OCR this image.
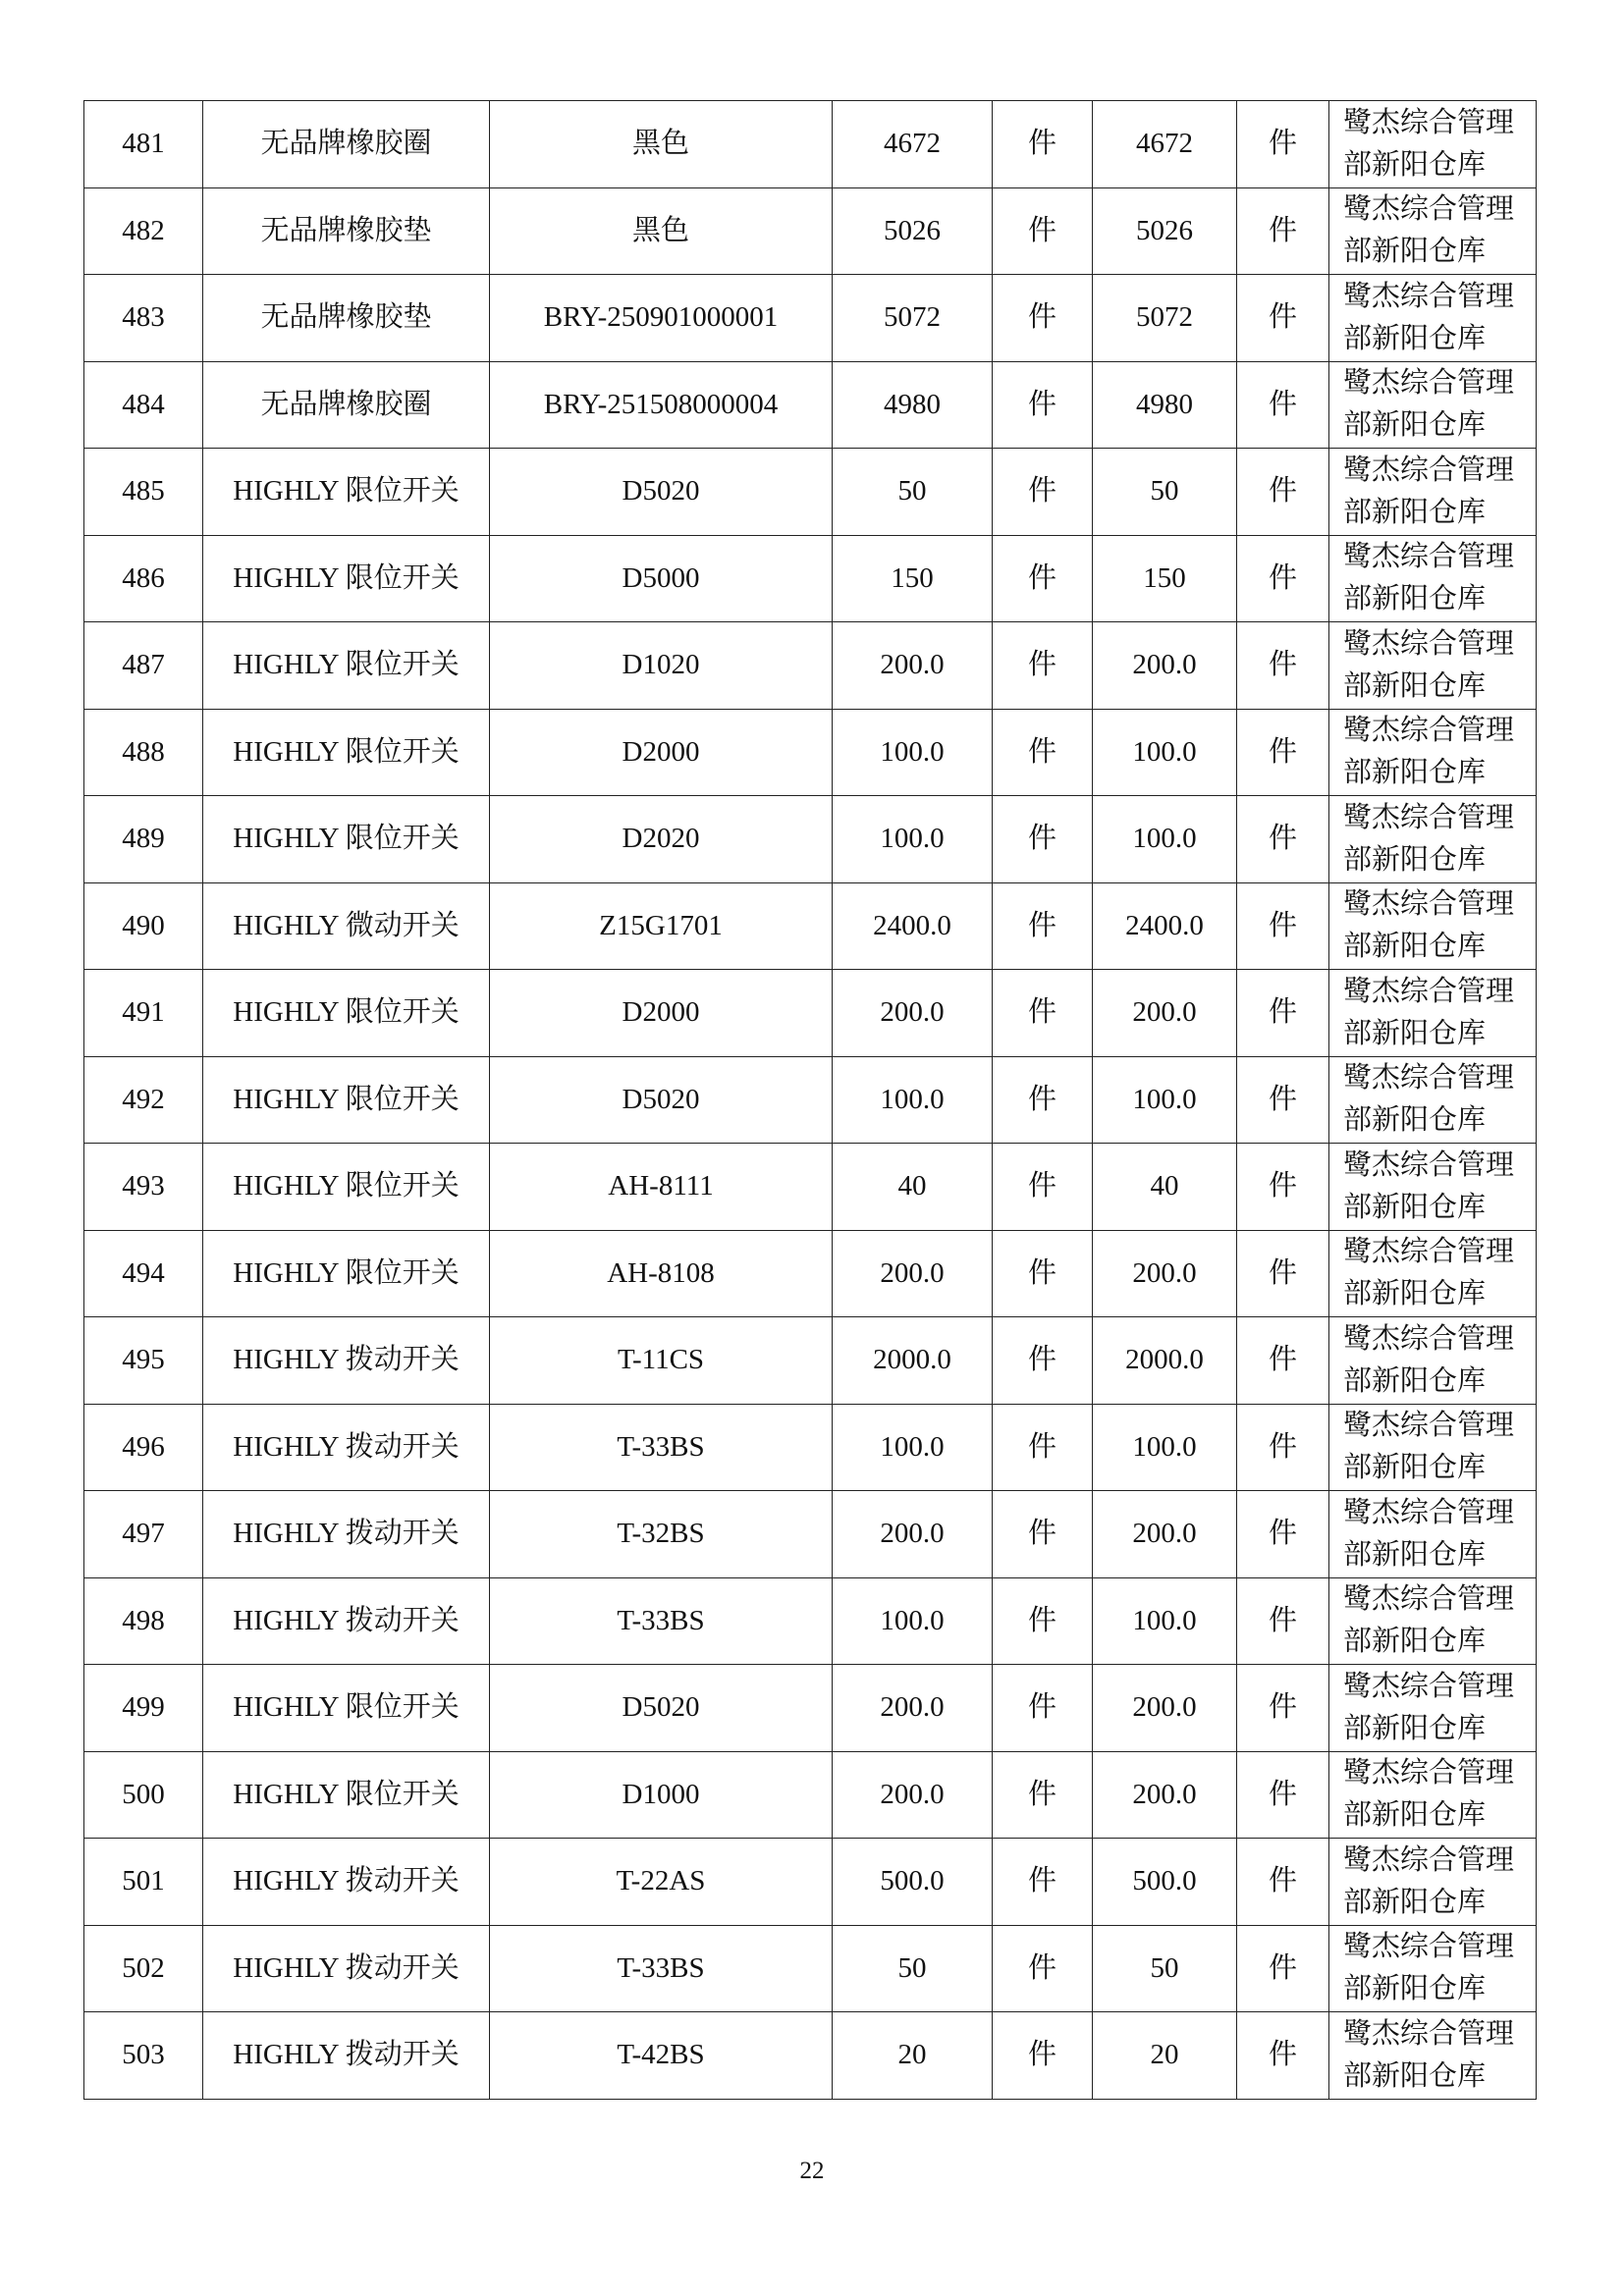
481	无品牌橡胶圈	黑色	4672	件	4672	件	鹭杰综合管理部新阳仓库
482	无品牌橡胶垫	黑色	5026	件	5026	件	鹭杰综合管理部新阳仓库
483	无品牌橡胶垫	BRY-250901000001	5072	件	5072	件	鹭杰综合管理部新阳仓库
484	无品牌橡胶圈	BRY-251508000004	4980	件	4980	件	鹭杰综合管理部新阳仓库
485	HIGHLY 限位开关	D5020	50	件	50	件	鹭杰综合管理部新阳仓库
486	HIGHLY 限位开关	D5000	150	件	150	件	鹭杰综合管理部新阳仓库
487	HIGHLY 限位开关	D1020	200.0	件	200.0	件	鹭杰综合管理部新阳仓库
488	HIGHLY 限位开关	D2000	100.0	件	100.0	件	鹭杰综合管理部新阳仓库
489	HIGHLY 限位开关	D2020	100.0	件	100.0	件	鹭杰综合管理部新阳仓库
490	HIGHLY 微动开关	Z15G1701	2400.0	件	2400.0	件	鹭杰综合管理部新阳仓库
491	HIGHLY 限位开关	D2000	200.0	件	200.0	件	鹭杰综合管理部新阳仓库
492	HIGHLY 限位开关	D5020	100.0	件	100.0	件	鹭杰综合管理部新阳仓库
493	HIGHLY 限位开关	AH-8111	40	件	40	件	鹭杰综合管理部新阳仓库
494	HIGHLY 限位开关	AH-8108	200.0	件	200.0	件	鹭杰综合管理部新阳仓库
495	HIGHLY 拨动开关	T-11CS	2000.0	件	2000.0	件	鹭杰综合管理部新阳仓库
496	HIGHLY 拨动开关	T-33BS	100.0	件	100.0	件	鹭杰综合管理部新阳仓库
497	HIGHLY 拨动开关	T-32BS	200.0	件	200.0	件	鹭杰综合管理部新阳仓库
498	HIGHLY 拨动开关	T-33BS	100.0	件	100.0	件	鹭杰综合管理部新阳仓库
499	HIGHLY 限位开关	D5020	200.0	件	200.0	件	鹭杰综合管理部新阳仓库
500	HIGHLY 限位开关	D1000	200.0	件	200.0	件	鹭杰综合管理部新阳仓库
501	HIGHLY 拨动开关	T-22AS	500.0	件	500.0	件	鹭杰综合管理部新阳仓库
502	HIGHLY 拨动开关	T-33BS	50	件	50	件	鹭杰综合管理部新阳仓库
503	HIGHLY 拨动开关	T-42BS	20	件	20	件	鹭杰综合管理部新阳仓库
22
